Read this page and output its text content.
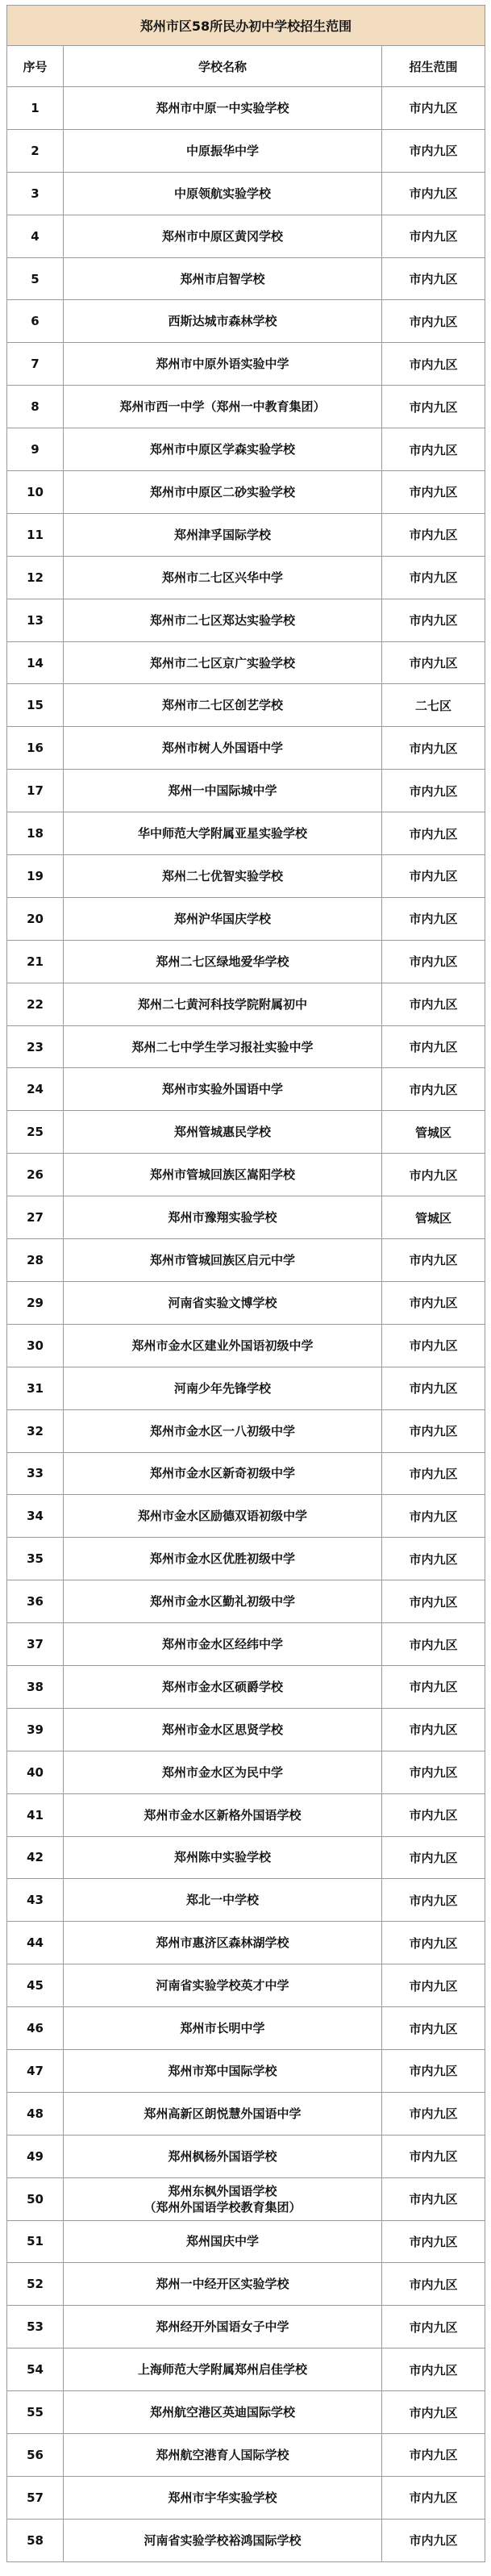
郑州市区58所民办初中学校招生范围		
序号	学校名称	招生范围
1	郑州市中原一中实验学校	市内九区
2	中原振华中学	市内九区
3	中原领航实验学校	市内九区
4	郑州市中原区黄冈学校	市内九区
5	郑州市启智学校	市内九区
6	西斯达城市森林学校	市内九区
7	郑州市中原外语实验中学	市内九区
8	郑州市西一中学（郑州一中教育集团）	市内九区
9	郑州市中原区学森实验学校	市内九区
10	郑州市中原区二砂实验学校	市内九区
11	郑州津孚国际学校	市内九区
12	郑州市二七区兴华中学	市内九区
13	郑州市二七区郑达实验学校	市内九区
14	郑州市二七区京广实验学校	市内九区
15	郑州市二七区创艺学校	二七区
16	郑州市树人外国语中学	市内九区
17	郑州一中国际城中学	市内九区
18	华中师范大学附属亚星实验学校	市内九区
19	郑州二七优智实验学校	市内九区
20	郑州沪华国庆学校	市内九区
21	郑州二七区绿地爱华学校	市内九区
22	郑州二七黄河科技学院附属初中	市内九区
23	郑州二七中学生学习报社实验中学	市内九区
24	郑州市实验外国语中学	市内九区
25	郑州管城惠民学校	管城区
26	郑州市管城回族区嵩阳学校	市内九区
27	郑州市豫翔实验学校	管城区
28	郑州市管城回族区启元中学	市内九区
29	河南省实验文博学校	市内九区
30	郑州市金水区建业外国语初级中学	市内九区
31	河南少年先锋学校	市内九区
32	郑州市金水区一八初级中学	市内九区
33	郑州市金水区新奇初级中学	市内九区
34	郑州市金水区励德双语初级中学	市内九区
35	郑州市金水区优胜初级中学	市内九区
36	郑州市金水区勤礼初级中学	市内九区
37	郑州市金水区经纬中学	市内九区
38	郑州市金水区硕爵学校	市内九区
39	郑州市金水区思贤学校	市内九区
40	郑州市金水区为民中学	市内九区
41	郑州市金水区新格外国语学校	市内九区
42	郑州陈中实验学校	市内九区
43	郑北一中学校	市内九区
44	郑州市惠济区森林湖学校	市内九区
45	河南省实验学校英才中学	市内九区
46	郑州市长明中学	市内九区
47	郑州市郑中国际学校	市内九区
48	郑州高新区朗悦慧外国语中学	市内九区
49	郑州枫杨外国语学校	市内九区
50	郑州东枫外国语学校
（郑州外国语学校教育集团）	市内九区
51	郑州国庆中学	市内九区
52	郑州一中经开区实验学校	市内九区
53	郑州经开外国语女子中学	市内九区
54	上海师范大学附属郑州启佳学校	市内九区
55	郑州航空港区英迪国际学校	市内九区
56	郑州航空港育人国际学校	市内九区
57	郑州市宇华实验学校	市内九区
58	河南省实验学校裕鸿国际学校	市内九区
